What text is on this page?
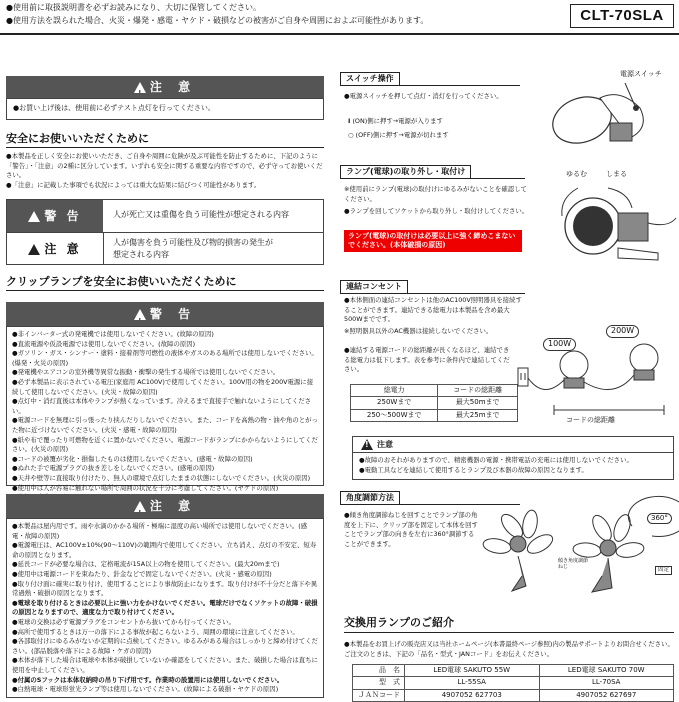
●使用前に取扱説明書を必ずお読みになり、大切に保管してください。
●使用方法を誤られた場合、火災・爆発・感電・ヤケド・破損などの被害がご自身や周囲におよぶ可能性があります。	CLT-70SLA
!注 意
●お買い上げ後は、使用前に必ずテスト点灯を行ってください。
安全にお使いいただくために
●本製品を正しく安全にお使いいただき、ご自身や周囲に危険が及ぶ可能性を防止するために、下記のように「警告」・「注意」の2種に区分しています。いずれも安全に関する重要な内容ですので、必ず守ってお使いください。
●「注意」に記載した事項でも状況によっては重大な結果に結びつく可能性があります。
!警 告	人が死亡又は重傷を負う可能性が想定される内容
!注 意	人が傷害を負う可能性及び物的損害の発生が想定される内容
クリップランプを安全にお使いいただくために
!警 告
●非インバーター式の発電機では使用しないでください。(故障の原因)
●直流電源や仮設電源では使用しないでください。(故障の原因)
●ガソリン・ガス・シンナー・塗料・接着剤等可燃性の液体やガスのある場所では使用しないでください。(爆発・火災の原因)
●発電機やエアコンの室外機等異常な振動・衝撃の発生する場所では使用しないでください。
●必ず本製品に表示されている電圧(家庭用 AC100V)で使用してください。100V用の物を200V電源に接続して使用しないでください。(火災・故障の原因)
●点灯中・消灯直後は本体やランプが熱くなっています。冷えるまで直接手で触れないようにしてください。
●電源コードを無理に引っ張ったり挟んだりしないでください。また、コードを高熱の物・油や角のとがった物に近づけないでください。(火災・感電・故障の原因)
●紙や布で覆ったり可燃物を近くに置かないでください。電源コードがランプにかからないようにしてください。(火災の原因)
●コードの被覆が劣化・損傷したものは使用しないでください。(感電・故障の原因)
●ぬれた手で電源プラグの抜き差しをしないでください。(感電の原因)
●天井や壁等に直接取り付けたり、無人の環境で点灯したままの状態にしないでください。(火災の原因)
●使用中は人が容易に触れない場所で周囲の状況を十分に考慮してください。(ヤケドの原因)
!注 意
●本製品は屋内用です。雨や水滴のかかる場所・極端に湿度の高い場所では使用しないでください。(感電・故障の原因)
●電源電圧は、AC100V±10%(90〜110V)の範囲内で使用してください。立ち消え、点灯の不安定、短寿命の原因となります。
●延長コードが必要な場合は、定格電流が15A以上の物を使用してください。(最大20mまで)
●使用中は電源コードを束ねたり、針金などで固定しないでください。(火災・感電の原因)
●取り付け面に確実に取り付け、使用することにより事故防止になります。取り付けが不十分だと落下や異常過熱・破損の原因となります。
●電球を取り付けるときは必要以上に強い力をかけないでください。電球だけでなくソケットの故障・破損の原因となりますので、適度な力で取り付けてください。
●電球の交換は必ず電源プラグをコンセントから抜いてから行ってください。
●高所で使用するときは万一の落下による事故が起こらないよう、周囲の環境に注意してください。
●各部取付けにゆるみがないか定期的に点検してください。ゆるみがある場合はしっかりと締め付けてください。(部品脱落や落下による故障・ケガの原因)
●本体が落下した場合は電球や本体が破損していないか確認をしてください。また、破損した場合は直ちに使用を中止してください。
●付属のSフックは本体収納時の吊り下げ用です。作業時の設置用には使用しないでください。
●白熱電球・電球形蛍光ランプ等は使用しないでください。(故障による破損・ヤケドの原因)
スイッチ操作
●電源スイッチを押して点灯・消灯を行ってください。
Ⅰ (ON)側に押す→電源が入ります
○ (OFF)側に押す→電源が切れます
電源スイッチ
ランプ(電球)の取り外し・取付け
※使用前にランプ(電球)の取付けにゆるみがないことを確認してください。
●ランプを回してソケットから取り外し・取付けしてください。
ランプ(電球)の取付けは必要以上に強く締めこまないでください。(本体破損の原因)
ゆるむ	しまる
連結コンセント
●本体側面の連結コンセントは他のAC100V照明器具を接続することができます。連結できる総電力は本製品を含め最大500Wまでです。
※照明器具以外のAC機器は接続しないでください。
●連結する電源コードの総距離が長くなるほど、連結できる総電力は低下します。表を参考に条件内で連結してください。
総電力	コードの総距離
250Wまで	最大50mまで
250〜500Wまで	最大25mまで
100W
200W
コードの総距離
!注意
●故障のおそれがありますので、精密機器の電源・携帯電話の充電には使用しないでください。
●電動工具などを連結して使用するとランプ及び本器の故障の原因となります。
角度調節方法
●傾き角度調節ねじを回すことでランプ部の角度を上下に、クリップ部を固定して本体を回すことでランプ部の向きを左右に360°調節することができます。
360°
傾き角度調節ねじ	固定
交換用ランプのご紹介
●本製品をお買上げの販売店又は当社ホームページ(本書最終ページ参照)内の製品サポートよりお問合せください。ご注文のときは、下記の「品名・型式・JANコード」をお伝えください。
品　名	LED電球 SAKUTO 55W	LED電球 SAKUTO 70W
型　式	LL-55SA	LL-70SA
ＪＡＮコード	4907052 627703	4907052 627697
